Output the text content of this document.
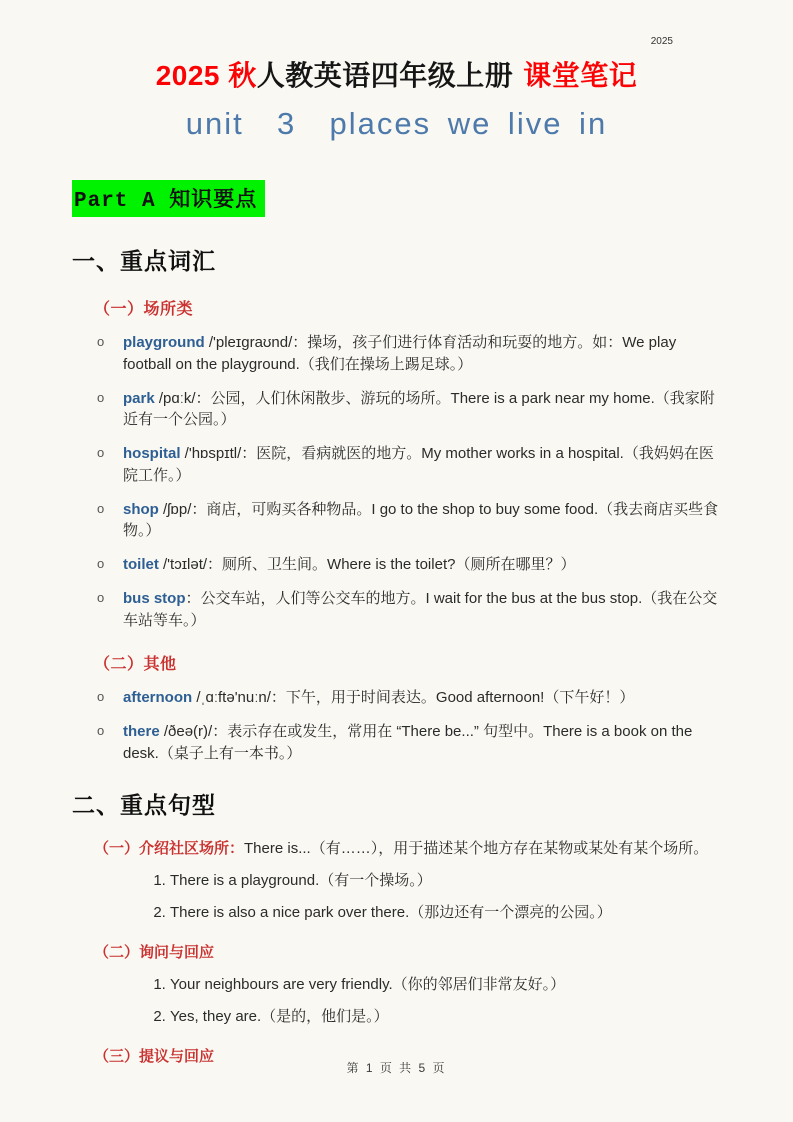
2025
2025 秋人教英语四年级上册 课堂笔记
unit  3  places we live in
Part A 知识要点
一、重点词汇
（一）场所类
o playground /'pleɪɡraʊnd/：操场，孩子们进行体育活动和玩耍的地方。如：We play football on the playground.（我们在操场上踢足球。）
o park /pɑːk/：公园，人们休闲散步、游玩的场所。There is a park near my home.（我家附近有一个公园。）
o hospital /'hɒspɪtl/：医院，看病就医的地方。My mother works in a hospital.（我妈妈在医院工作。）
o shop /ʃɒp/：商店，可购买各种物品。I go to the shop to buy some food.（我去商店买些食物。）
o toilet /'tɔɪlət/：厕所、卫生间。Where is the toilet?（厕所在哪里？）
o bus stop：公交车站，人们等公交车的地方。I wait for the bus at the bus stop.（我在公交车站等车。）
（二）其他
o afternoon /ˌɑːftə'nuːn/：下午，用于时间表达。Good afternoon!（下午好！）
o there /ðeə(r)/：表示存在或发生，常用在 “There be...” 句型中。There is a book on the desk.（桌子上有一本书。）
二、重点句型
（一）介绍社区场所：There is...（有……），用于描述某个地方存在某物或某处有某个场所。
1. There is a playground.（有一个操场。）
2. There is also a nice park over there.（那边还有一个漂亮的公园。）
（二）询问与回应
1. Your neighbours are very friendly.（你的邻居们非常友好。）
2. Yes, they are.（是的，他们是。）
（三）提议与回应
第 1 页 共 5 页
